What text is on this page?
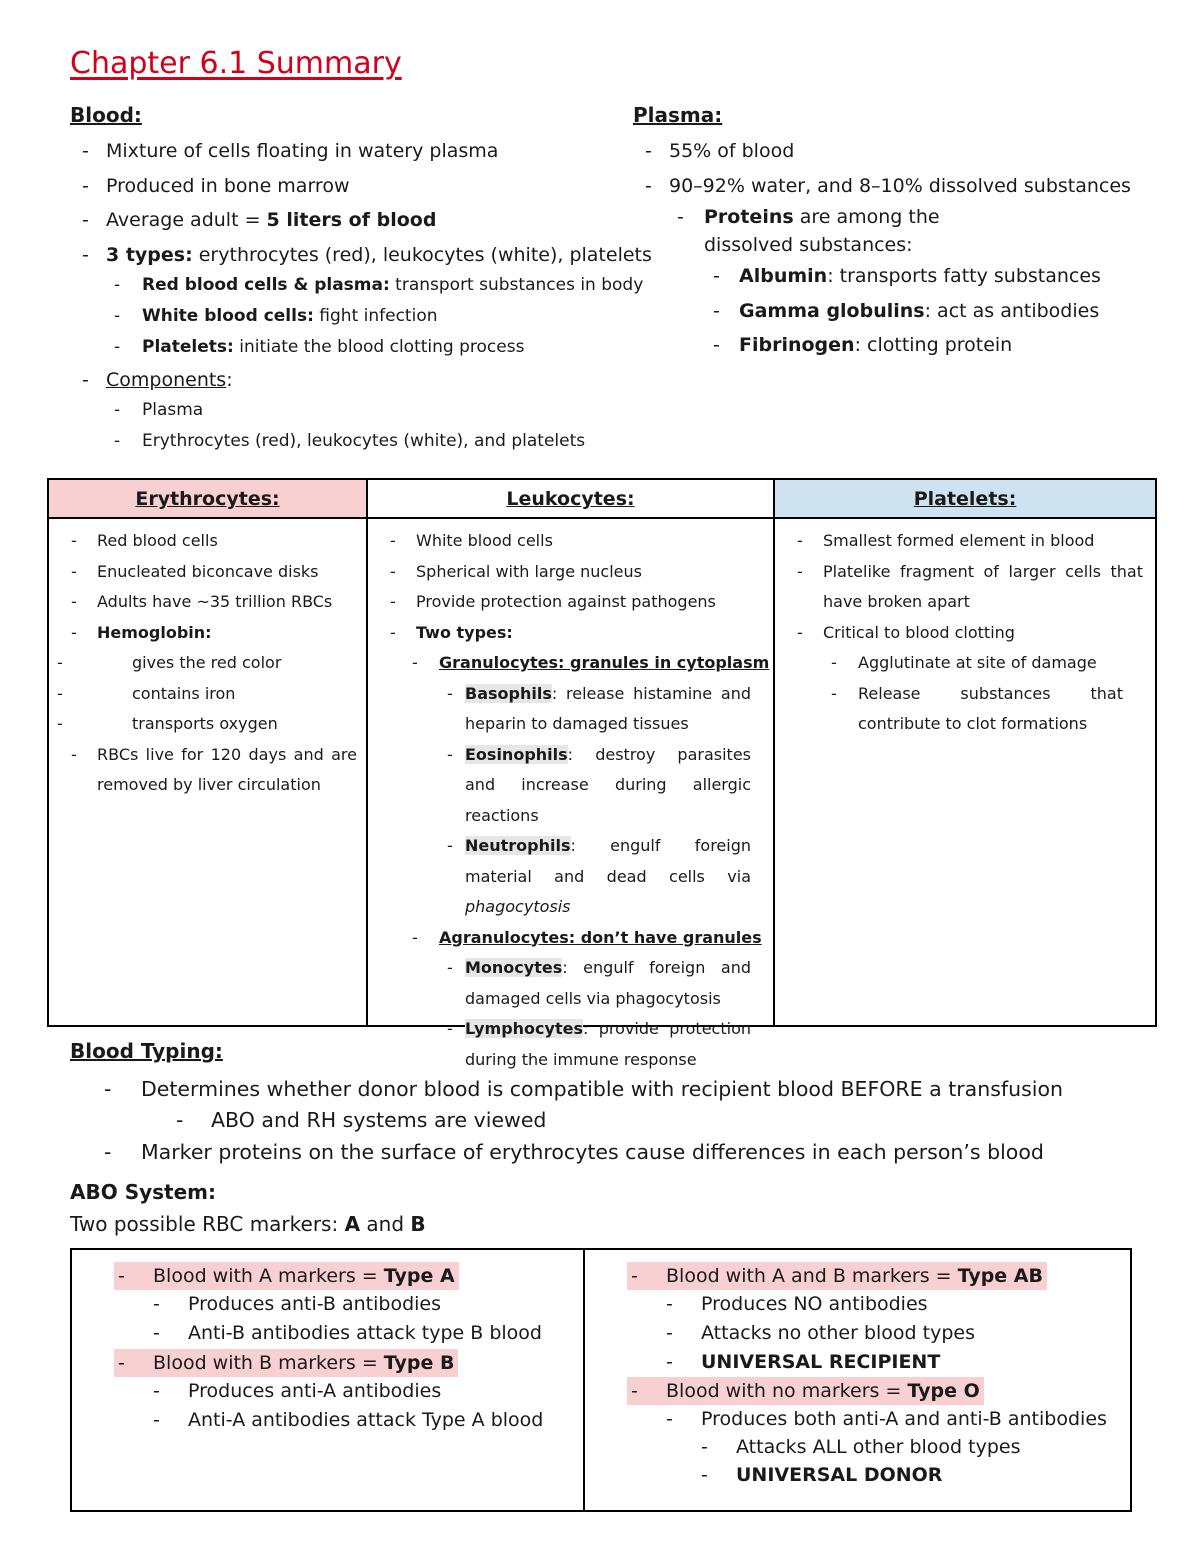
Chapter 6.1 Summary
Blood:
- Mixture of cells floating in watery plasma
- Produced in bone marrow
- Average adult = 5 liters of blood
- 3 types: erythrocytes (red), leukocytes (white), platelets
- Red blood cells & plasma: transport substances in body
- White blood cells: fight infection
- Platelets: initiate the blood clotting process
- Components:
- Plasma
- Erythrocytes (red), leukocytes (white), and platelets
Plasma:
- 55% of blood
- 90–92% water, and 8–10% dissolved substances
- Proteins are among the dissolved substances:
- Albumin: transports fatty substances
- Gamma globulins: act as antibodies
- Fibrinogen: clotting protein
Erythrocytes:	Leukocytes:	Platelets:
- Red blood cells
- Enucleated biconcave disks
- Adults have ~35 trillion RBCs
- Hemoglobin:
- gives the red color
- contains iron
- transports oxygen
- RBCs live for 120 days and are removed by liver circulation
- White blood cells
- Spherical with large nucleus
- Provide protection against pathogens
- Two types:
- Granulocytes: granules in cytoplasm
- Basophils: release histamine and heparin to damaged tissues
- Eosinophils: destroy parasites and increase during allergic reactions
- Neutrophils: engulf foreign material and dead cells via phagocytosis
- Agranulocytes: don’t have granules
- Monocytes: engulf foreign and damaged cells via phagocytosis
- Lymphocytes: provide protection during the immune response
- Smallest formed element in blood
- Platelike fragment of larger cells that have broken apart
- Critical to blood clotting
- Agglutinate at site of damage
- Release substances that contribute to clot formations
Blood Typing:
- Determines whether donor blood is compatible with recipient blood BEFORE a transfusion
- ABO and RH systems are viewed
- Marker proteins on the surface of erythrocytes cause differences in each person’s blood
ABO System:
Two possible RBC markers: A and B
- Blood with A markers = Type A
- Produces anti-B antibodies
- Anti-B antibodies attack type B blood
- Blood with B markers = Type B
- Produces anti-A antibodies
- Anti-A antibodies attack Type A blood
- Blood with A and B markers = Type AB
- Produces NO antibodies
- Attacks no other blood types
- UNIVERSAL RECIPIENT
- Blood with no markers = Type O
- Produces both anti-A and anti-B antibodies
- Attacks ALL other blood types
- UNIVERSAL DONOR
